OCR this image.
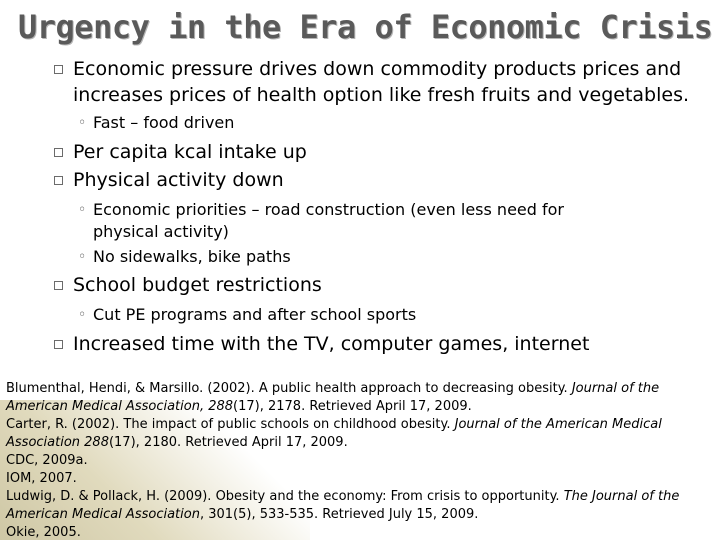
Urgency in the Era of Economic Crisis
Economic pressure drives down commodity products prices and increases prices of health option like fresh fruits and vegetables.
◦ Fast – food driven
Per capita kcal intake up
Physical activity down
◦ Economic priorities – road construction (even less need for physical activity)
◦ No sidewalks, bike paths
School budget restrictions
◦ Cut PE programs and after school sports
Increased time with the TV, computer games, internet
Blumenthal, Hendi, & Marsillo. (2002). A public health approach to decreasing obesity. Journal of the American Medical Association, 288(17), 2178. Retrieved April 17, 2009.
Carter, R. (2002). The impact of public schools on childhood obesity. Journal of the American Medical Association 288(17), 2180. Retrieved April 17, 2009.
CDC, 2009a.
IOM, 2007.
Ludwig, D. & Pollack, H. (2009). Obesity and the economy: From crisis to opportunity. The Journal of the American Medical Association, 301(5), 533-535. Retrieved July 15, 2009.
Okie, 2005.
